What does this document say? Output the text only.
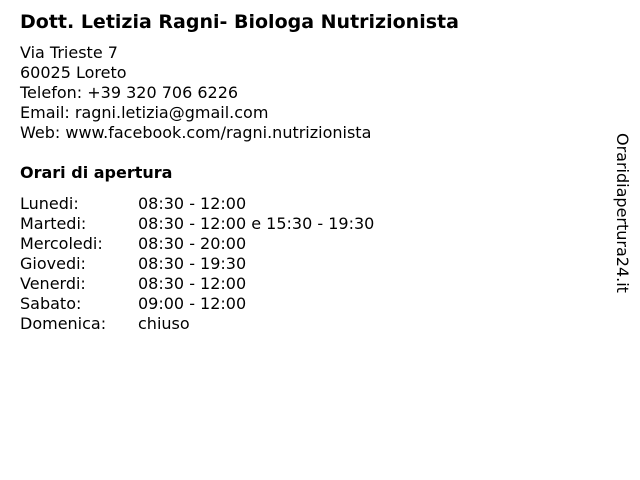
Dott. Letizia Ragni- Biologa Nutrizionista
Via Trieste 7
60025 Loreto
Telefon: +39 320 706 6226
Email: ragni.letizia@gmail.com
Web: www.facebook.com/ragni.nutrizionista
Orari di apertura
Lunedi:	08:30 - 12:00
Martedi:	08:30 - 12:00 e 15:30 - 19:30
Mercoledi: 08:30 - 20:00
Giovedi:	08:30 - 19:30
Venerdi:	08:30 - 12:00
Sabato:	09:00 - 12:00
Domenica: chiuso
Oraridiapertura24.it
